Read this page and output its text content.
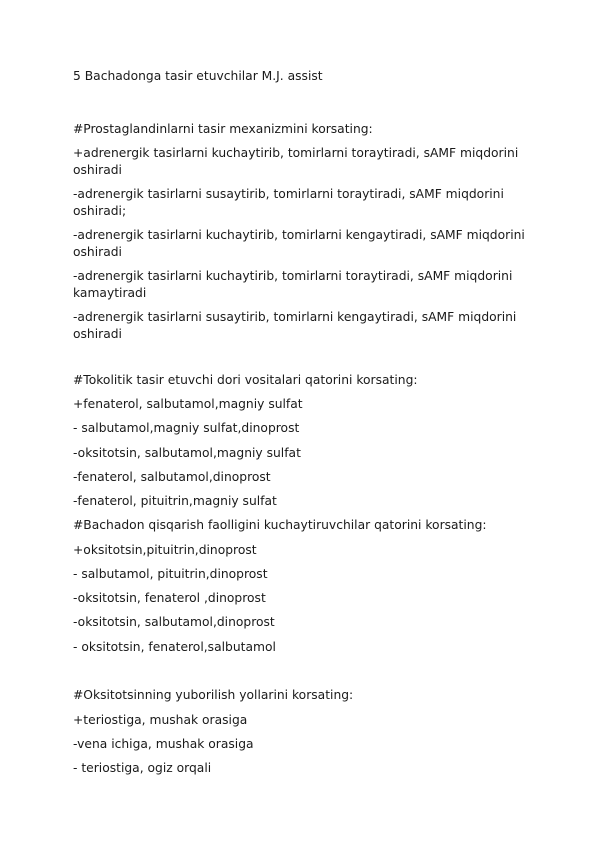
5 Bachadonga tasir etuvchilar M.J. assist
#Prostaglandinlarni tasir mexanizmini korsating:
+adrenergik tasirlarni kuchaytirib, tomirlarni toraytiradi, sAMF miqdorini oshiradi
-adrenergik tasirlarni susaytirib, tomirlarni toraytiradi, sAMF miqdorini oshiradi;
-adrenergik tasirlarni kuchaytirib, tomirlarni kengaytiradi, sAMF miqdorini oshiradi
-adrenergik tasirlarni kuchaytirib, tomirlarni toraytiradi, sAMF miqdorini kamaytiradi
-adrenergik tasirlarni susaytirib, tomirlarni kengaytiradi, sAMF miqdorini oshiradi
#Tokolitik tasir etuvchi dori vositalari qatorini korsating:
+fenaterol, salbutamol,magniy sulfat
- salbutamol,magniy sulfat,dinoprost
-oksitotsin, salbutamol,magniy sulfat
-fenaterol, salbutamol,dinoprost
-fenaterol, pituitrin,magniy sulfat
#Bachadon qisqarish faolligini kuchaytiruvchilar qatorini korsating:
+oksitotsin,pituitrin,dinoprost
- salbutamol, pituitrin,dinoprost
-oksitotsin, fenaterol ,dinoprost
-oksitotsin, salbutamol,dinoprost
- oksitotsin, fenaterol,salbutamol
#Oksitotsinning yuborilish yollarini korsating:
+teriostiga, mushak orasiga
-vena ichiga, mushak orasiga
- teriostiga, ogiz orqali
